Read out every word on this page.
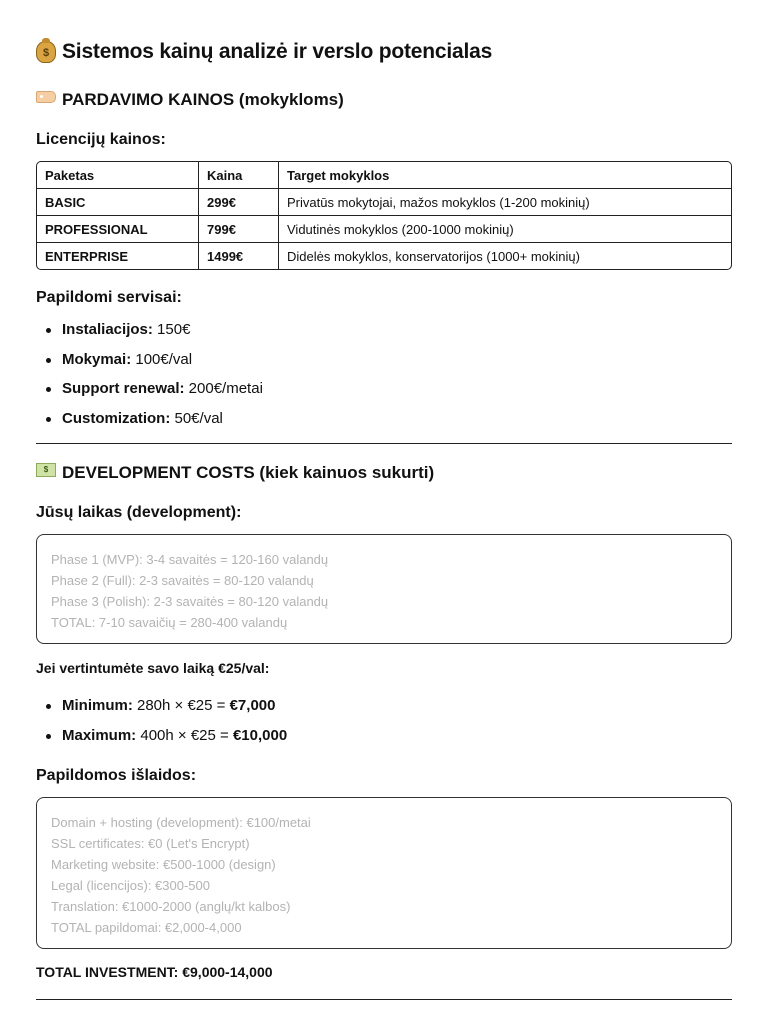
$ Sistemos kainų analizė ir verslo potencialas
PARDAVIMO KAINOS (mokykloms)
Licencijų kainos:
Paketas	Kaina	Target mokyklos
BASIC	299€	Privatūs mokytojai, mažos mokyklos (1-200 mokinių)
PROFESSIONAL	799€	Vidutinės mokyklos (200-1000 mokinių)
ENTERPRISE	1499€	Didelės mokyklos, konservatorijos (1000+ mokinių)
Papildomi servisai:
Instaliacijos: 150€
Mokymai: 100€/val
Support renewal: 200€/metai
Customization: 50€/val
$ DEVELOPMENT COSTS (kiek kainuos sukurti)
Jūsų laikas (development):
Phase 1 (MVP): 3-4 savaitės = 120-160 valandų
Phase 2 (Full): 2-3 savaitės = 80-120 valandų
Phase 3 (Polish): 2-3 savaitės = 80-120 valandų
TOTAL: 7-10 savaičių = 280-400 valandų
Jei vertintumėte savo laiką €25/val:
Minimum: 280h × €25 = €7,000
Maximum: 400h × €25 = €10,000
Papildomos išlaidos:
Domain + hosting (development): €100/metai
SSL certificates: €0 (Let's Encrypt)
Marketing website: €500-1000 (design)
Legal (licencijos): €300-500
Translation: €1000-2000 (anglų/kt kalbos)
TOTAL papildomai: €2,000-4,000
TOTAL INVESTMENT: €9,000-14,000
